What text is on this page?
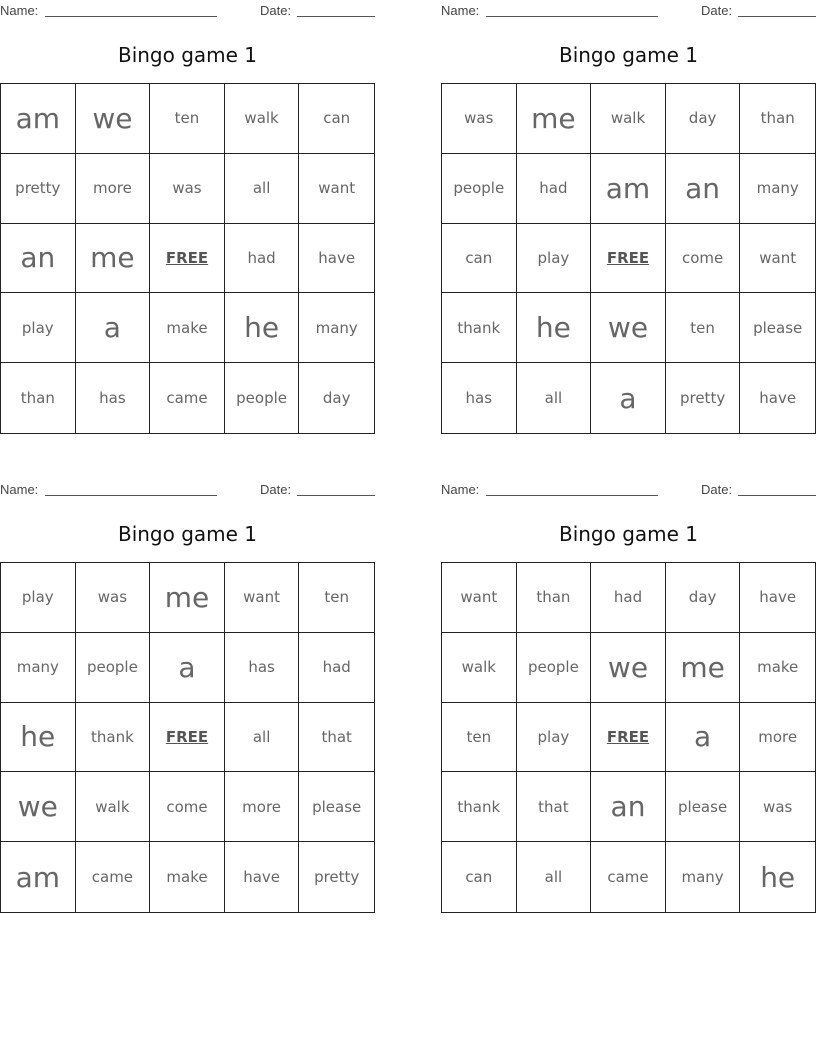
Name:	Date:
Bingo game 1
am	we	ten	walk	can
pretty	more	was	all	want
an	me	FREE	had	have
play	a	make	he	many
than	has	came	people	day
Name:	Date:
Bingo game 1
was	me	walk	day	than
people	had	am	an	many
can	play	FREE	come	want
thank	he	we	ten	please
has	all	a	pretty	have
Name:	Date:
Bingo game 1
play	was	me	want	ten
many	people	a	has	had
he	thank	FREE	all	that
we	walk	come	more	please
am	came	make	have	pretty
Name:	Date:
Bingo game 1
want	than	had	day	have
walk	people	we	me	make
ten	play	FREE	a	more
thank	that	an	please	was
can	all	came	many	he
